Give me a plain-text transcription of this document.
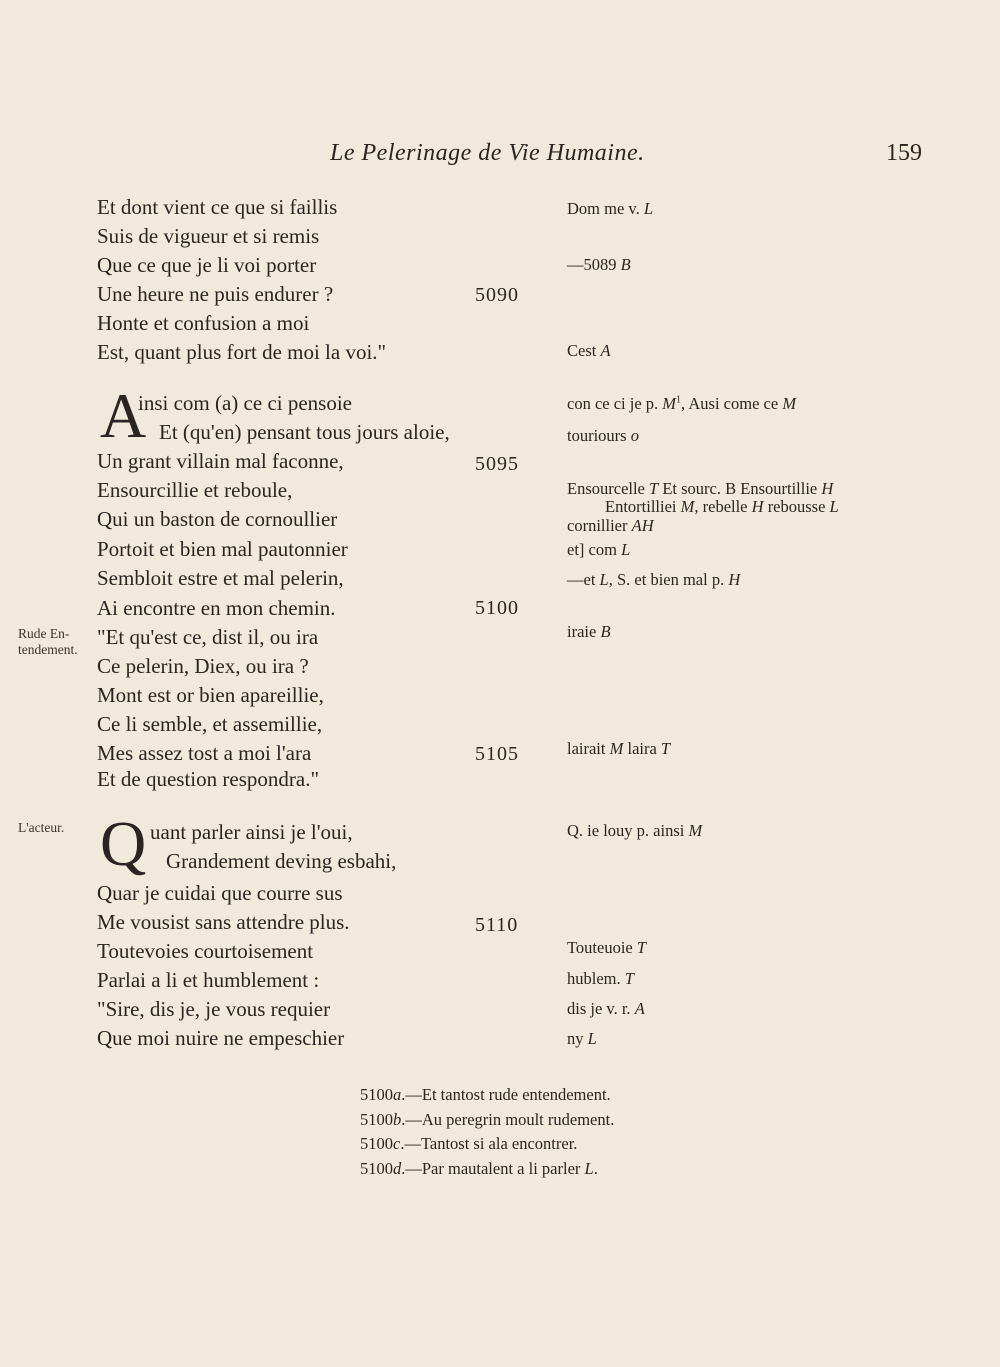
Le Pelerinage de Vie Humaine.	159
Et dont vient ce que si faillis
Suis de vigueur et si remis
Que ce que je li voi porter
Une heure ne puis endurer ?
Honte et confusion a moi
Est, quant plus fort de moi la voi."
A
insi com (a) ce ci pensoie
Et (qu'en) pensant tous jours aloie,
Un grant villain mal faconne,
Ensourcillie et reboule,
Qui un baston de cornoullier
Portoit et bien mal pautonnier
Sembloit estre et mal pelerin,
Ai encontre en mon chemin.
"Et qu'est ce, dist il, ou ira
Ce pelerin, Diex, ou ira ?
Mont est or bien apareillie,
Ce li semble, et assemillie,
Mes assez tost a moi l'ara
Et de question respondra."
Q uant parler ainsi je l'oui,
Grandement deving esbahi,
Quar je cuidai que courre sus
Me vousist sans attendre plus.
Toutevoies courtoisement
Parlai a li et humblement :
"Sire, dis je, je vous requier
Que moi nuire ne empeschier
5090
5095
5100
5105
5110
Rude En-
tendement.
L'acteur.
Dom me v. L
—5089 B
Cest A
con ce ci je p. $M^1$, Ausi come ce M
touriours o
Ensourcelle T Et sourc. B Ensourtillie H
Entortilliei M, rebelle H rebousse L
cornillier AH
et] com L
—et L, S. et bien mal p. H
iraie B
lairait M laira T
Q. ie louy p. ainsi M
Touteuoie T
hublem. T
dis je v. r. A
ny L
5100a.—Et tantost rude entendement.
5100b.—Au peregrin moult rudement.
5100c.—Tantost si ala encontrer.
5100d.—Par mautalent a li parler L.
